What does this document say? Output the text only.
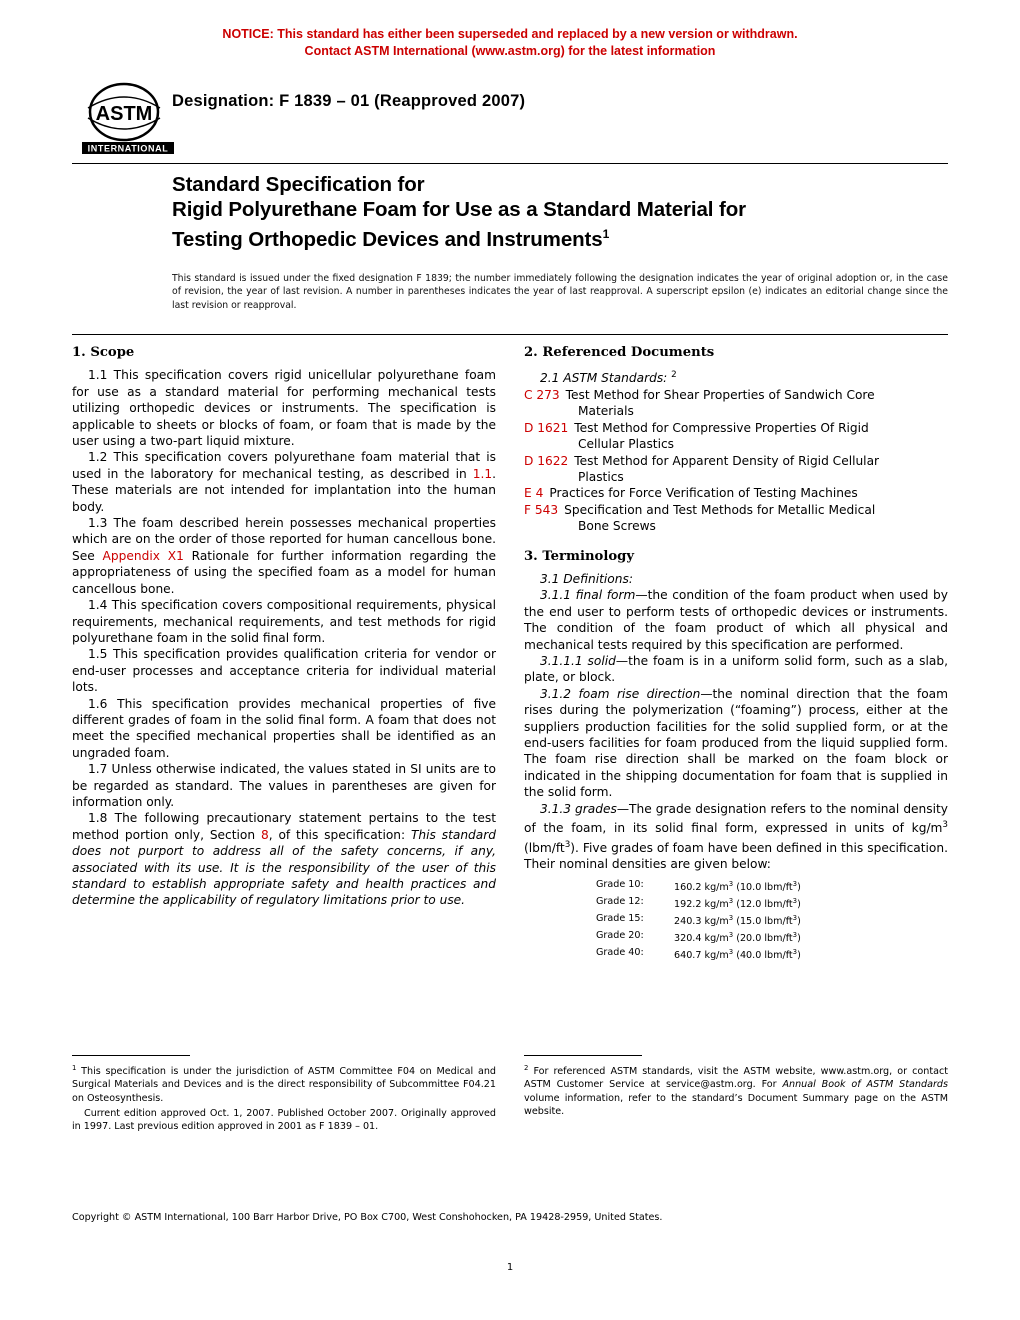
NOTICE: This standard has either been superseded and replaced by a new version or withdrawn.
Contact ASTM International (www.astm.org) for the latest information
ASTM
INTERNATIONAL
Designation: F 1839 – 01 (Reapproved 2007)
Standard Specification for
Rigid Polyurethane Foam for Use as a Standard Material for
Testing Orthopedic Devices and Instruments$^1$
This standard is issued under the fixed designation F 1839; the number immediately following the designation indicates the year of original adoption or, in the case of revision, the year of last revision. A number in parentheses indicates the year of last reapproval. A superscript epsilon (e) indicates an editorial change since the last revision or reapproval.
1. Scope

1.1 This specification covers rigid unicellular polyurethane foam for use as a standard material for performing mechanical tests utilizing orthopedic devices or instruments. The specification is applicable to sheets or blocks of foam, or foam that is made by the user using a two-part liquid mixture.

1.2 This specification covers polyurethane foam material that is used in the laboratory for mechanical testing, as described in 1.1. These materials are not intended for implantation into the human body.

1.3 The foam described herein possesses mechanical properties which are on the order of those reported for human cancellous bone. See Appendix X1 Rationale for further information regarding the appropriateness of using the specified foam as a model for human cancellous bone.

1.4 This specification covers compositional requirements, physical requirements, mechanical requirements, and test methods for rigid polyurethane foam in the solid final form.

1.5 This specification provides qualification criteria for vendor or end-user processes and acceptance criteria for individual material lots.

1.6 This specification provides mechanical properties of five different grades of foam in the solid final form. A foam that does not meet the specified mechanical properties shall be identified as an ungraded foam.

1.7 Unless otherwise indicated, the values stated in SI units are to be regarded as standard. The values in parentheses are given for information only.

1.8 The following precautionary statement pertains to the test method portion only, Section 8, of this specification: This standard does not purport to address all of the safety concerns, if any, associated with its use. It is the responsibility of the user of this standard to establish appropriate safety and health practices and determine the applicability of regulatory limitations prior to use.

2. Referenced Documents

2.1 ASTM Standards: $^2$

C 273 Test Method for Shear Properties of Sandwich Core
Materials
D 1621 Test Method for Compressive Properties Of Rigid
Cellular Plastics
D 1622 Test Method for Apparent Density of Rigid Cellular
Plastics
E 4 Practices for Force Verification of Testing Machines
F 543 Specification and Test Methods for Metallic Medical
Bone Screws
3. Terminology

3.1 Definitions:

3.1.1 final form—the condition of the foam product when used by the end user to perform tests of orthopedic devices or instruments. The condition of the foam product of which all physical and mechanical tests required by this specification are performed.

3.1.1.1 solid—the foam is in a uniform solid form, such as a slab, plate, or block.

3.1.2 foam rise direction—the nominal direction that the foam rises during the polymerization (“foaming”) process, either at the suppliers production facilities for the solid supplied form, or at the end-users facilities for foam produced from the liquid supplied form. The foam rise direction shall be marked on the foam block or indicated in the shipping documentation for foam that is supplied in the solid form.

3.1.3 grades—The grade designation refers to the nominal density of the foam, in its solid final form, expressed in units of $kg/m^3$ $(lbm/ft^3)$. Five grades of foam have been defined in this specification. Their nominal densities are given below:

Grade 10:	160.2 $kg/m^3$ (10.0 lbm/$ft^3$)
Grade 12:	192.2 $kg/m^3$ (12.0 lbm/$ft^3$)
Grade 15:	240.3 $kg/m^3$ (15.0 lbm/$ft^3$)
Grade 20:	320.4 $kg/m^3$ (20.0 lbm/$ft^3$)
Grade 40:	640.7 $kg/m^3$ (40.0 lbm/$ft^3$)

$^1$ This specification is under the jurisdiction of ASTM Committee F04 on Medical and Surgical Materials and Devices and is the direct responsibility of Subcommittee F04.21 on Osteosynthesis.

Current edition approved Oct. 1, 2007. Published October 2007. Originally approved in 1997. Last previous edition approved in 2001 as F 1839 – 01.

$^2$ For referenced ASTM standards, visit the ASTM website, www.astm.org, or contact ASTM Customer Service at service@astm.org. For Annual Book of ASTM Standards volume information, refer to the standard’s Document Summary page on the ASTM website.

Copyright © ASTM International, 100 Barr Harbor Drive, PO Box C700, West Conshohocken, PA 19428-2959, United States.
1
